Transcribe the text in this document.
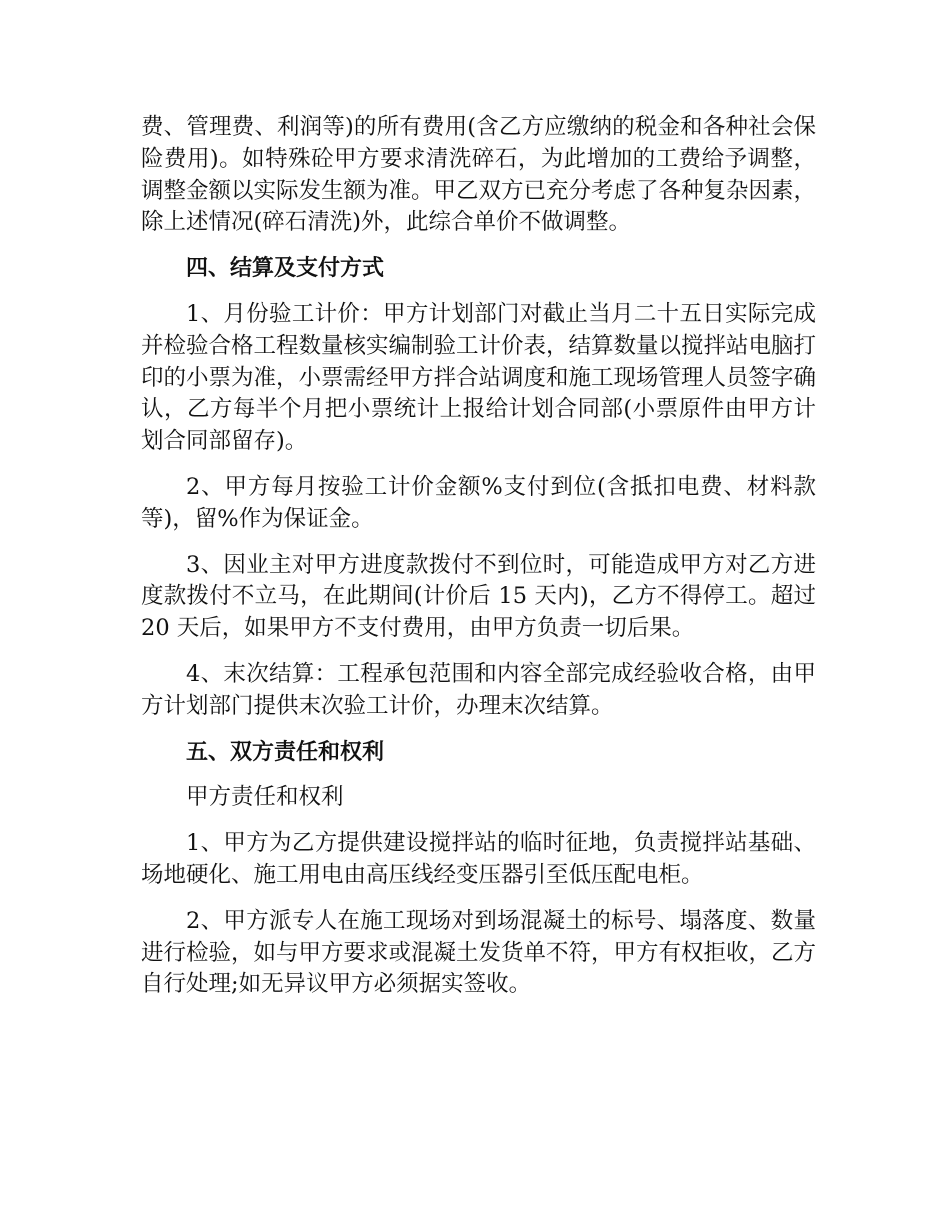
费、管理费、利润等)的所有费用(含乙方应缴纳的税金和各种社会保险费用)。如特殊砼甲方要求清洗碎石，为此增加的工费给予调整，调整金额以实际发生额为准。甲乙双方已充分考虑了各种复杂因素，除上述情况(碎石清洗)外，此综合单价不做调整。

四、结算及支付方式

1、月份验工计价：甲方计划部门对截止当月二十五日实际完成并检验合格工程数量核实编制验工计价表，结算数量以搅拌站电脑打印的小票为准，小票需经甲方拌合站调度和施工现场管理人员签字确认，乙方每半个月把小票统计上报给计划合同部(小票原件由甲方计划合同部留存)。

2、甲方每月按验工计价金额%支付到位(含抵扣电费、材料款等)，留%作为保证金。

3、因业主对甲方进度款拨付不到位时，可能造成甲方对乙方进度款拨付不立马，在此期间(计价后 15 天内)，乙方不得停工。超过 20 天后，如果甲方不支付费用，由甲方负责一切后果。

4、末次结算：工程承包范围和内容全部完成经验收合格，由甲方计划部门提供末次验工计价，办理末次结算。

五、双方责任和权利

甲方责任和权利

1、甲方为乙方提供建设搅拌站的临时征地，负责搅拌站基础、场地硬化、施工用电由高压线经变压器引至低压配电柜。

2、甲方派专人在施工现场对到场混凝土的标号、塌落度、数量进行检验，如与甲方要求或混凝土发货单不符，甲方有权拒收，乙方自行处理;如无异议甲方必须据实签收。
